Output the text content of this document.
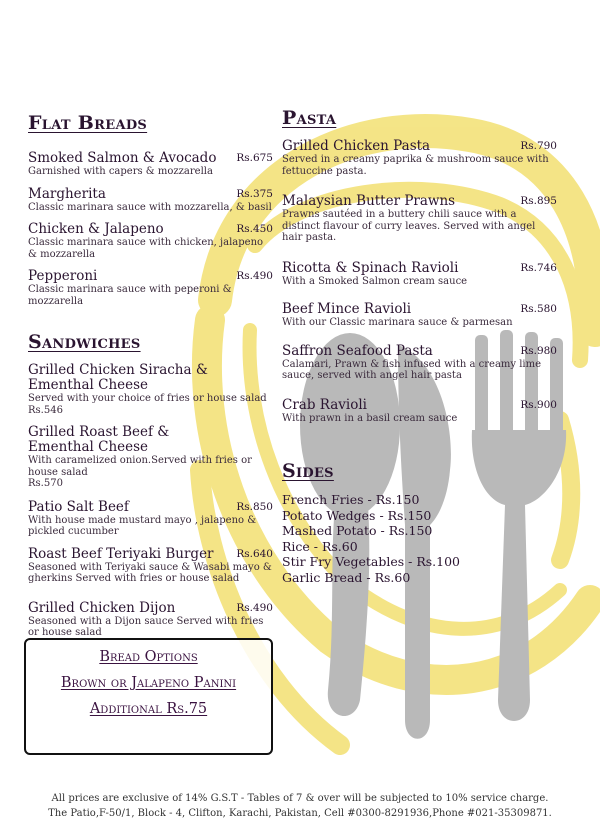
Flat Breads
Smoked Salmon & Avocado	Rs.675
Garnished with capers & mozzarella
Margherita	Rs.375
Classic marinara sauce with mozzarella, & basil
Chicken & Jalapeno	Rs.450
Classic marinara sauce with chicken, jalapeno & mozzarella
Pepperoni	Rs.490
Classic marinara sauce with peperoni & mozzarella
Sandwiches
Grilled Chicken Siracha & Ementhal Cheese
Served with your choice of fries or house salad
Rs.546
Grilled Roast Beef & Ementhal Cheese
With caramelized onion.Served with fries or house salad
Rs.570
Patio Salt Beef	Rs.850
With house made mustard mayo , jalapeno & pickled cucumber
Roast Beef Teriyaki Burger	Rs.640
Seasoned with Teriyaki sauce & Wasabi mayo & gherkins Served with fries or house salad
Grilled Chicken Dijon	Rs.490
Seasoned with a Dijon sauce Served with fries or house salad
Pasta
Grilled Chicken Pasta	Rs.790
Served in a creamy paprika & mushroom sauce with fettuccine pasta.
Malaysian Butter Prawns	Rs.895
Prawns sautéed in a buttery chili sauce with a distinct flavour of curry leaves. Served with angel hair pasta.
Ricotta & Spinach Ravioli	Rs.746
With a Smoked Salmon cream sauce
Beef Mince Ravioli	Rs.580
With our Classic marinara sauce & parmesan
Saffron Seafood Pasta	Rs.980
Calamari, Prawn & fish infused with a creamy lime sauce, served with angel hair pasta
Crab Ravioli	Rs.900
With prawn in a basil cream sauce
Sides
French Fries - Rs.150
Potato Wedges - Rs.150
Mashed Potato - Rs.150
Rice - Rs.60
Stir Fry Vegetables - Rs.100
Garlic Bread - Rs.60
Bread Options
Brown or Jalapeno Panini
Additional Rs.75
All prices are exclusive of 14% G.S.T - Tables of 7 & over will be subjected to 10% service charge.
The Patio,F-50/1, Block - 4, Clifton, Karachi, Pakistan, Cell #0300-8291936,Phone #021-35309871.
